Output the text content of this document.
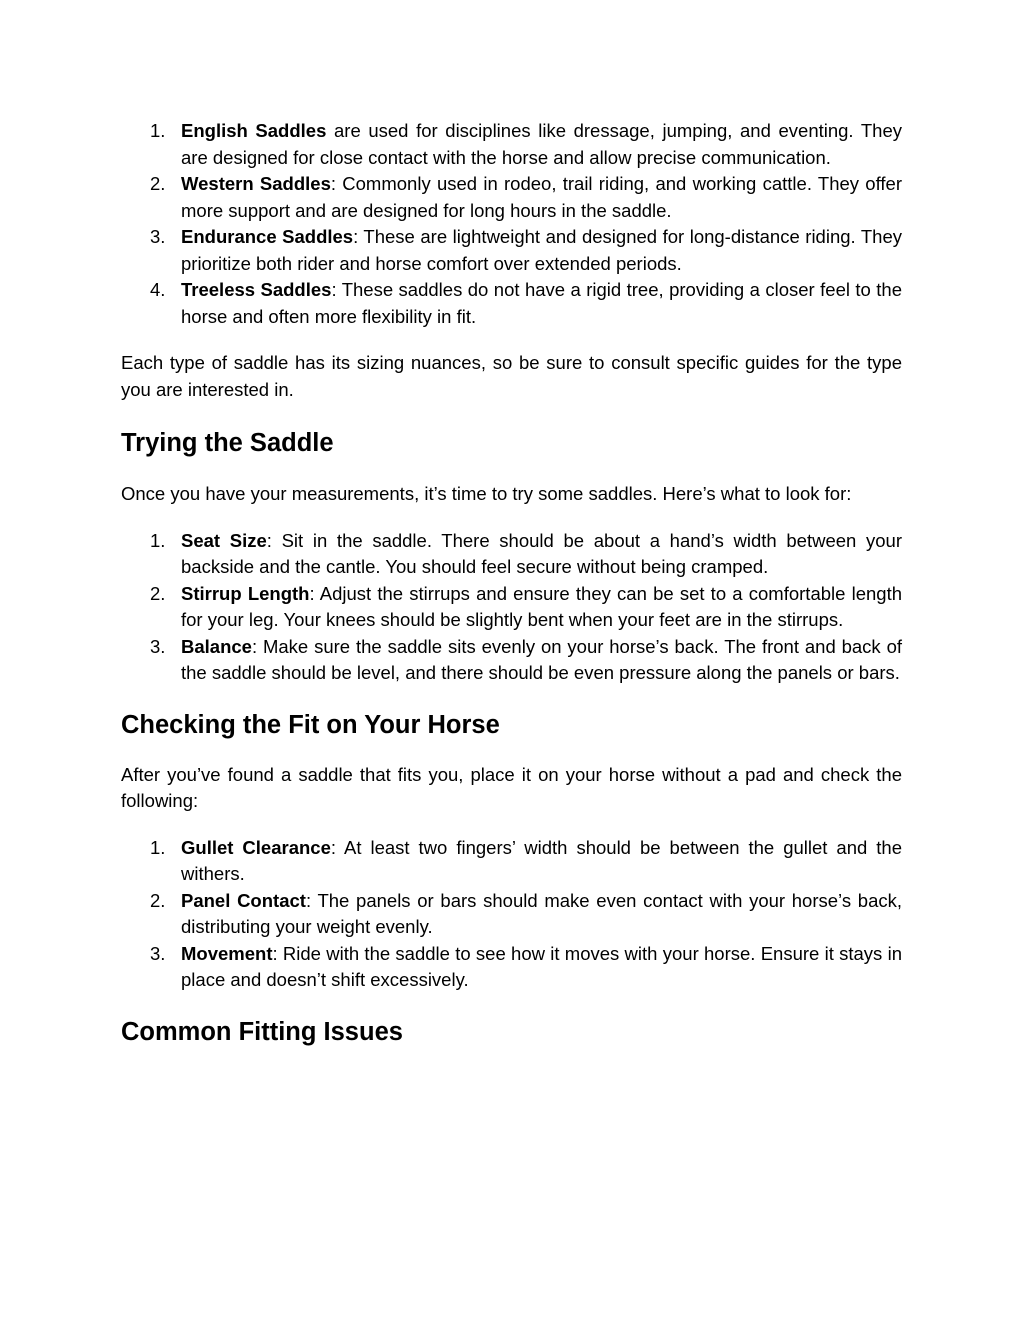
1. English Saddles are used for disciplines like dressage, jumping, and eventing. They are designed for close contact with the horse and allow precise communication.
2. Western Saddles: Commonly used in rodeo, trail riding, and working cattle. They offer more support and are designed for long hours in the saddle.
3. Endurance Saddles: These are lightweight and designed for long-distance riding. They prioritize both rider and horse comfort over extended periods.
4. Treeless Saddles: These saddles do not have a rigid tree, providing a closer feel to the horse and often more flexibility in fit.

Each type of saddle has its sizing nuances, so be sure to consult specific guides for the type you are interested in.

Trying the Saddle

Once you have your measurements, it’s time to try some saddles. Here’s what to look for:

1. Seat Size: Sit in the saddle. There should be about a hand’s width between your backside and the cantle. You should feel secure without being cramped.
2. Stirrup Length: Adjust the stirrups and ensure they can be set to a comfortable length for your leg. Your knees should be slightly bent when your feet are in the stirrups.
3. Balance: Make sure the saddle sits evenly on your horse’s back. The front and back of the saddle should be level, and there should be even pressure along the panels or bars.
Checking the Fit on Your Horse

After you’ve found a saddle that fits you, place it on your horse without a pad and check the following:

1. Gullet Clearance: At least two fingers’ width should be between the gullet and the withers.
2. Panel Contact: The panels or bars should make even contact with your horse’s back, distributing your weight evenly.
3. Movement: Ride with the saddle to see how it moves with your horse. Ensure it stays in place and doesn’t shift excessively.
Common Fitting Issues
